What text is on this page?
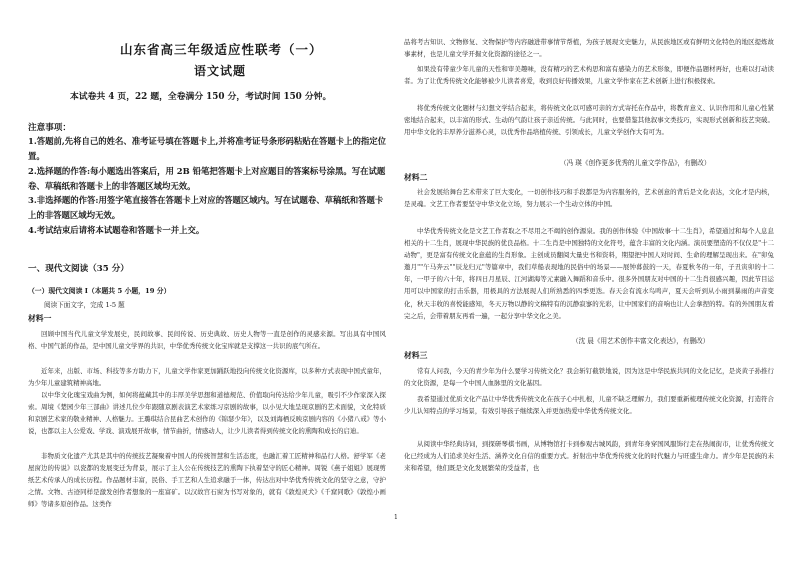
山东省高三年级适应性联考（一）
语文试题
本试卷共 4 页，22 题，全卷满分 150 分，考试时间 150 分钟。
注意事项：
1.答题前,先将自己的姓名、准考证号填在答题卡上,并将准考证号条形码粘贴在答题卡上的指定位置。
2.选择题的作答:每小题选出答案后，用 2B 铅笔把答题卡上对应题目的答案标号涂黑。写在试题卷、草稿纸和答题卡上的非答题区域均无效。
3.非选择题的作答:用签字笔直接答在答题卡上对应的答题区域内。写在试题卷、草稿纸和答题卡上的非答题区域均无效。
4.考试结束后请将本试题卷和答题卡一并上交。
一、现代文阅读（35 分）
（一）现代文阅读 I（本题共 5 小题，19 分）
阅读下面文字，完成 1-5 题
材料一

回顾中国当代儿童文学发展史，民间故事、民间传说、历史典故、历史人物等一直是创作的灵感来源。写出具有中国风格、中国气派的作品，是中国儿童文学界的共识，中华优秀传统文化宝库就是支撑这一共识的底气所在。

近年来，出版、市场、科技等多方助力下，儿童文学作家更加踊跃地投向传统文化资源库，以多种方式表现中国式童年，为少年儿童建筑精神高地。

以中华文化瑰宝戏曲为例，如何将蕴藏其中的丰厚美学思想和道德规范、价值取向传达给少年儿童，吸引不少作家深入探索。周境《楚园少年三部曲》讲述几位少年跟随京剧表演艺术家练习京剧的故事，以小见大地呈现京剧的艺术面貌，文化特质和京剧艺术家的敬业精神、人格魅力。王璐琪结合昆曲艺术创作的《锦瑟少年》，以及刘海栖反映京剧内容的《小猪八戒》等小说，也都以主人公爱戏、学戏、演戏展开故事，情节曲折，情感动人，让少儿读者得到传统文化的熏陶和成长的启迪。

非物质文化遗产尤其是其中的传统技艺凝聚着中国人的传统智慧和生活态度，也融汇着工匠精神和品行人格。舒学军《老屋窗边的传说》以瓷都的发展变迁为背景，展示了主人公在传统技艺的熏陶下执着坚守的匠心精神。周锐《燕子姐姐》展现剪纸艺术传承人的成长历程。作品题材丰富，民俗、手工艺和人生追求融于一体，传达出对中华优秀传统文化的坚守之意，守护之情。文物、古迹同样是激发创作者想象的一座富矿。以汉故宫石窗为书写对象的，就有《敦煌灵犬》《千窟同歌》《敦煌小画师》等诸多原创作品。这类作

品将考古知识、文物修复、文物保护等内容融进带事情节帮植，为孩子展现文史魅力，从民族地区或有鲜明文化特色的地区提炼故事素材，也是儿童文学开掘文化资源的途径之一。

如果没有带童少年儿童的天性和审美趣味，没有精巧的艺术构思和富有感染力的艺术形象，即便作品题材再好，也难以打动读者。为了让优秀传统文化能够被少儿读者喜爱，收到良好传播效果，儿童文学作家在艺术创新上进行积极探索。

将优秀传统文化题材与幻想文学结合起来，将传统文化以可感可亲的方式寄托在作品中，将教育意义、认识作用和儿童心性紧密地结合起来，以丰富的形式、生动的气韵让孩子亲近传统。与此同时，也要借鉴其他叙事文类技巧，实现形式创新和技艺突破。用中华文化的丰厚养分滋养心灵，以优秀作品培植传统、引领成长，儿童文学创作大有可为。

（冯 瑛《创作更多优秀的儿童文学作品》，有删改）
材料二

社会发展给舞台艺术带来了巨大变化，一切创作技巧和手段都是为内容服务的，艺术创意的背后是文化表达，文化才是内核，是灵魂。文艺工作者要坚守中华文化立场，努力展示一个生动立体的中国。

中华优秀传统文化是文艺工作者取之不尽用之不竭的创作源泉。我的创作体验《中国故事·十二生肖》，希望通过和每个人息息相关的十二生肖，展现中华民族的优良品格。十二生肖是中国独特的文化符号，蕴含丰富的文化内涵。演员要塑造的不仅仅是"十二动物"，更是富有传统文化意蕴的生肖形象。主创成员翻阅大量史书和资料，期望把中国人对时间、生命的理解呈现出来。在"卯兔邀月""午马奔云""辰龙归元"等篇章中，我们草船表现地的民俗中的场景——展钟暮鼓的一天，春夏秋冬的一年，子丑寅卯的十二年，一甲子的六十年，将四日月星辰、江河湖海等元素融入舞蹈和音乐中。很多外国朋友对中国的十二生肖很感兴趣，因此节目运用可以中国家的打击乐器，用极具的方法展现人们所熟悉的四季更迭。春天会有流水鸟鸣声，夏天会听到从小雨到暴雨的声音变化，秋天丰收的喜悦能感知，冬天万物以静的文稿特有的沉静寂寥的光彩，让中国家们的音响也让人会拿捏的特。有的外国朋友看完之后，会带着朋友再看一遍，一起分享中华文化之美。

（沈 晨《用艺术创作丰富文化表达》，有删改）
材料三

常有人问我，今天的青少年为什么要学习传统文化？我会斩钉截铁地说，因为这是中华民族共同的文化记忆，是炎黄子孙推行的文化资源，是每一个中国人血脉里的文化基因。

我希望通过优质文化产品让中华优秀传统文化在孩子心中扎根，儿童不缺乏理解力，我们要重新梳理传统文化资源，打造符合少儿认知特点的学习场景，有效引导孩子继续深入并更加热爱中华优秀传统文化。

从阅读中华经典诗词，到探研琴棋书画，从博物馆打卡到参观古城风韵，到青年身穿国风服饰行走在热闹街市，让优秀传统文化已经成为人们追求美好生活、涵养文化自信的重要方式。折射出中华优秀传统文化的时代魅力与旺盛生命力。青少年是民族的未来和希望，他们既是文化发展繁荣的受益者，也

1
